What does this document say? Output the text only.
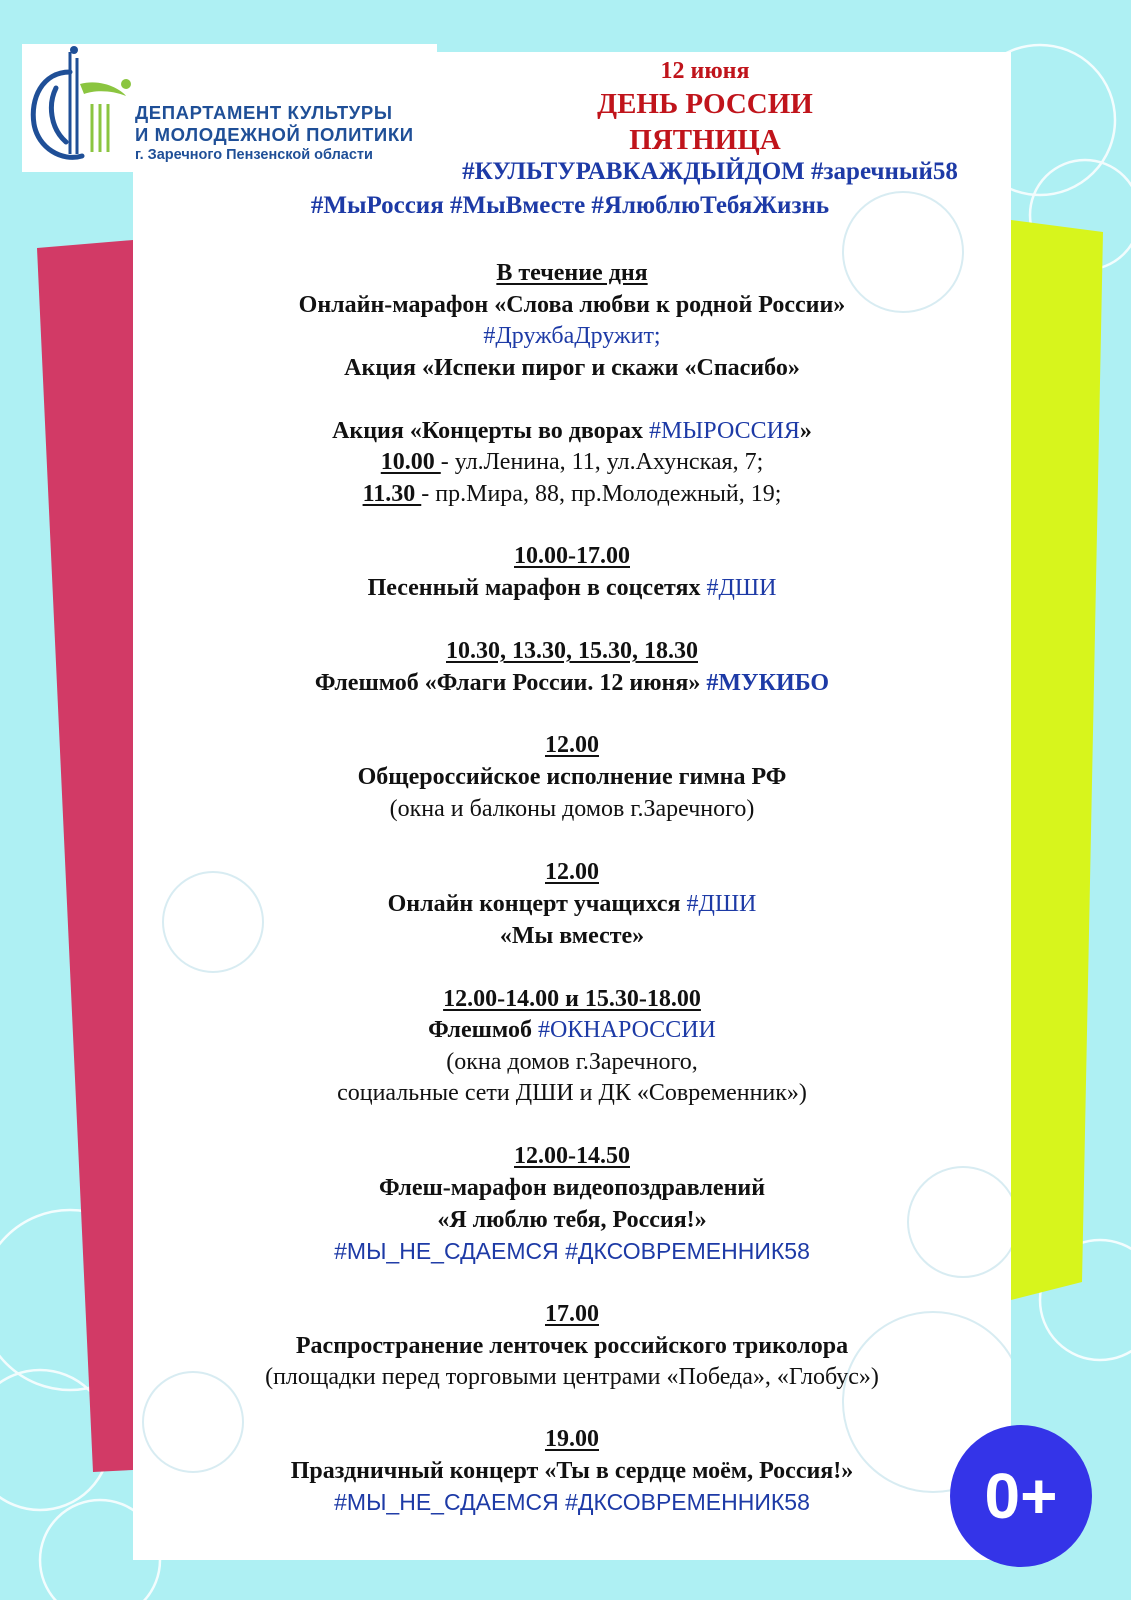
ДЕПАРТАМЕНТ КУЛЬТУРЫ
И МОЛОДЕЖНОЙ ПОЛИТИКИ
г. Заречного Пензенской области
12 июня
ДЕНЬ РОССИИ
ПЯТНИЦА
#КУЛЬТУРАВКАЖДЫЙДОМ #заречный58
#МыРоссия #МыВместе #ЯлюблюТебяЖизнь
В течение дня
Онлайн-марафон «Слова любви к родной России»
#ДружбаДружит;
Акция «Испеки пирог и скажи «Спасибо»
Акция «Концерты во дворах #МЫРОССИЯ»
10.00 - ул.Ленина, 11, ул.Ахунская, 7;
11.30 - пр.Мира, 88, пр.Молодежный, 19;
10.00-17.00
Песенный марафон в соцсетях #ДШИ
10.30, 13.30, 15.30, 18.30
Флешмоб «Флаги России. 12 июня» #МУКИБО
12.00
Общероссийское исполнение гимна РФ
(окна и балконы домов г.Заречного)
12.00
Онлайн концерт учащихся #ДШИ
«Мы вместе»
12.00-14.00 и 15.30-18.00
Флешмоб #ОКНАРОССИИ
(окна домов г.Заречного,
социальные сети ДШИ и ДК «Современник»)
12.00-14.50
Флеш-марафон видеопоздравлений
«Я люблю тебя, Россия!»
#МЫ_НЕ_СДАЕМСЯ #ДКСОВРЕМЕННИК58
17.00
Распространение ленточек российского триколора
(площадки перед торговыми центрами «Победа», «Глобус»)
19.00
Праздничный концерт «Ты в сердце моём, Россия!»
#МЫ_НЕ_СДАЕМСЯ #ДКСОВРЕМЕННИК58	0+
